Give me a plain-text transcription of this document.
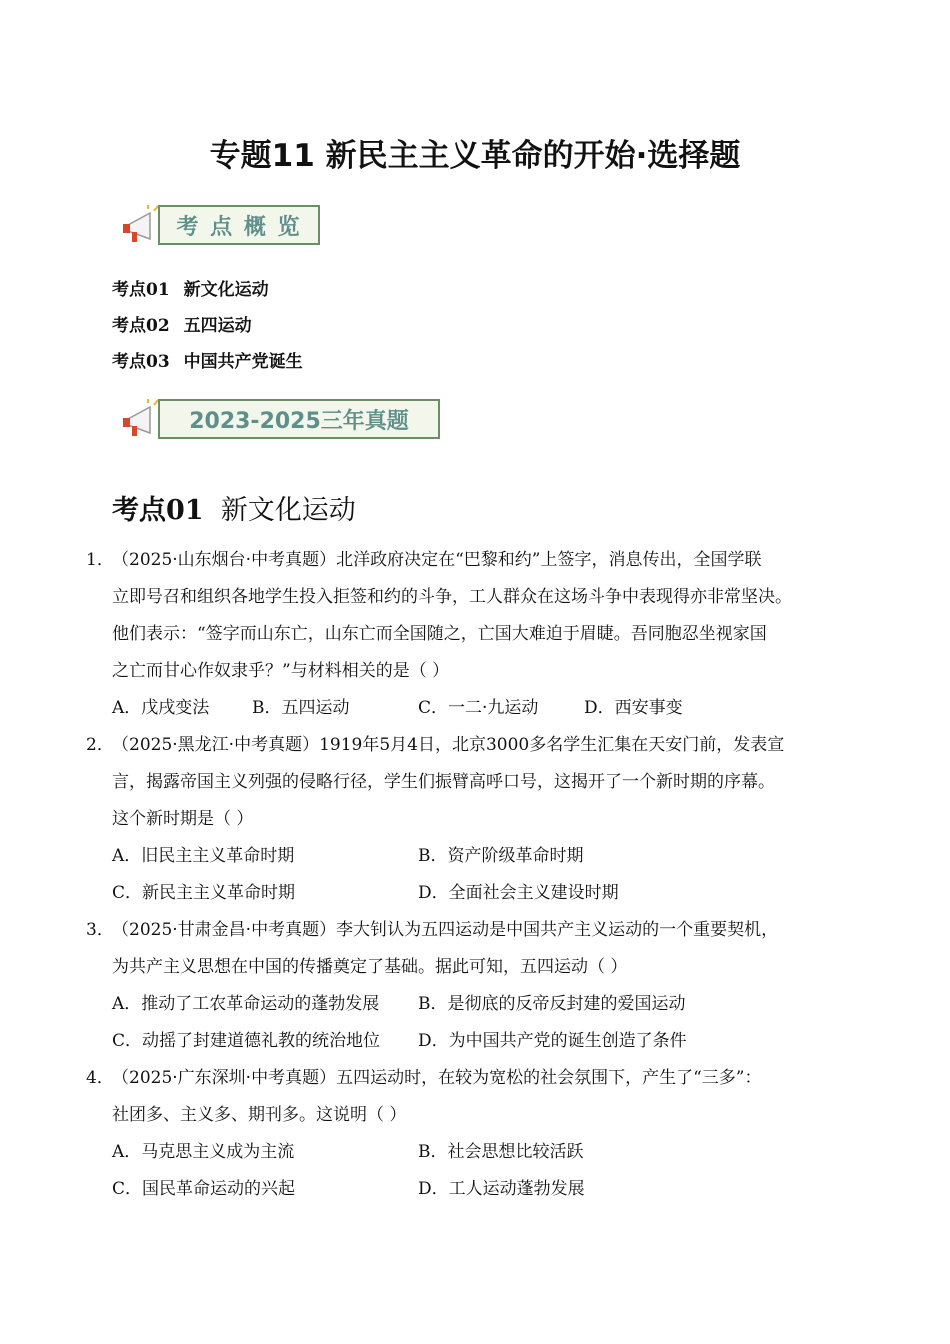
专题11 新民主主义革命的开始·选择题
考 点 概 览
考点01 新文化运动
考点02 五四运动
考点03 中国共产党诞生
2023-2025三年真题
考点01 新文化运动
1．
（2025·山东烟台·中考真题）北洋政府决定在“巴黎和约”上签字，消息传出，全国学联
立即号召和组织各地学生投入拒签和约的斗争，工人群众在这场斗争中表现得亦非常坚决。
他们表示：“签字而山东亡，山东亡而全国随之，亡国大难迫于眉睫。吾同胞忍坐视家国
之亡而甘心作奴隶乎？”与材料相关的是（ ）
A．戊戌变法	B．五四运动	C．一二·九运动	D．西安事变
2．
（2025·黑龙江·中考真题）1919年5月4日，北京3000多名学生汇集在天安门前，发表宣
言，揭露帝国主义列强的侵略行径，学生们振臂高呼口号，这揭开了一个新时期的序幕。
这个新时期是（ ）
A．旧民主主义革命时期	B．资产阶级革命时期
C．新民主主义革命时期	D．全面社会主义建设时期
3．
（2025·甘肃金昌·中考真题）李大钊认为五四运动是中国共产主义运动的一个重要契机，
为共产主义思想在中国的传播奠定了基础。据此可知，五四运动（ ）
A．推动了工农革命运动的蓬勃发展 B．是彻底的反帝反封建的爱国运动
C．动摇了封建道德礼教的统治地位 D．为中国共产党的诞生创造了条件
4．
（2025·广东深圳·中考真题）五四运动时，在较为宽松的社会氛围下，产生了“三多”：
社团多、主义多、期刊多。这说明（ ）
A．马克思主义成为主流	B．社会思想比较活跃
C．国民革命运动的兴起	D．工人运动蓬勃发展
